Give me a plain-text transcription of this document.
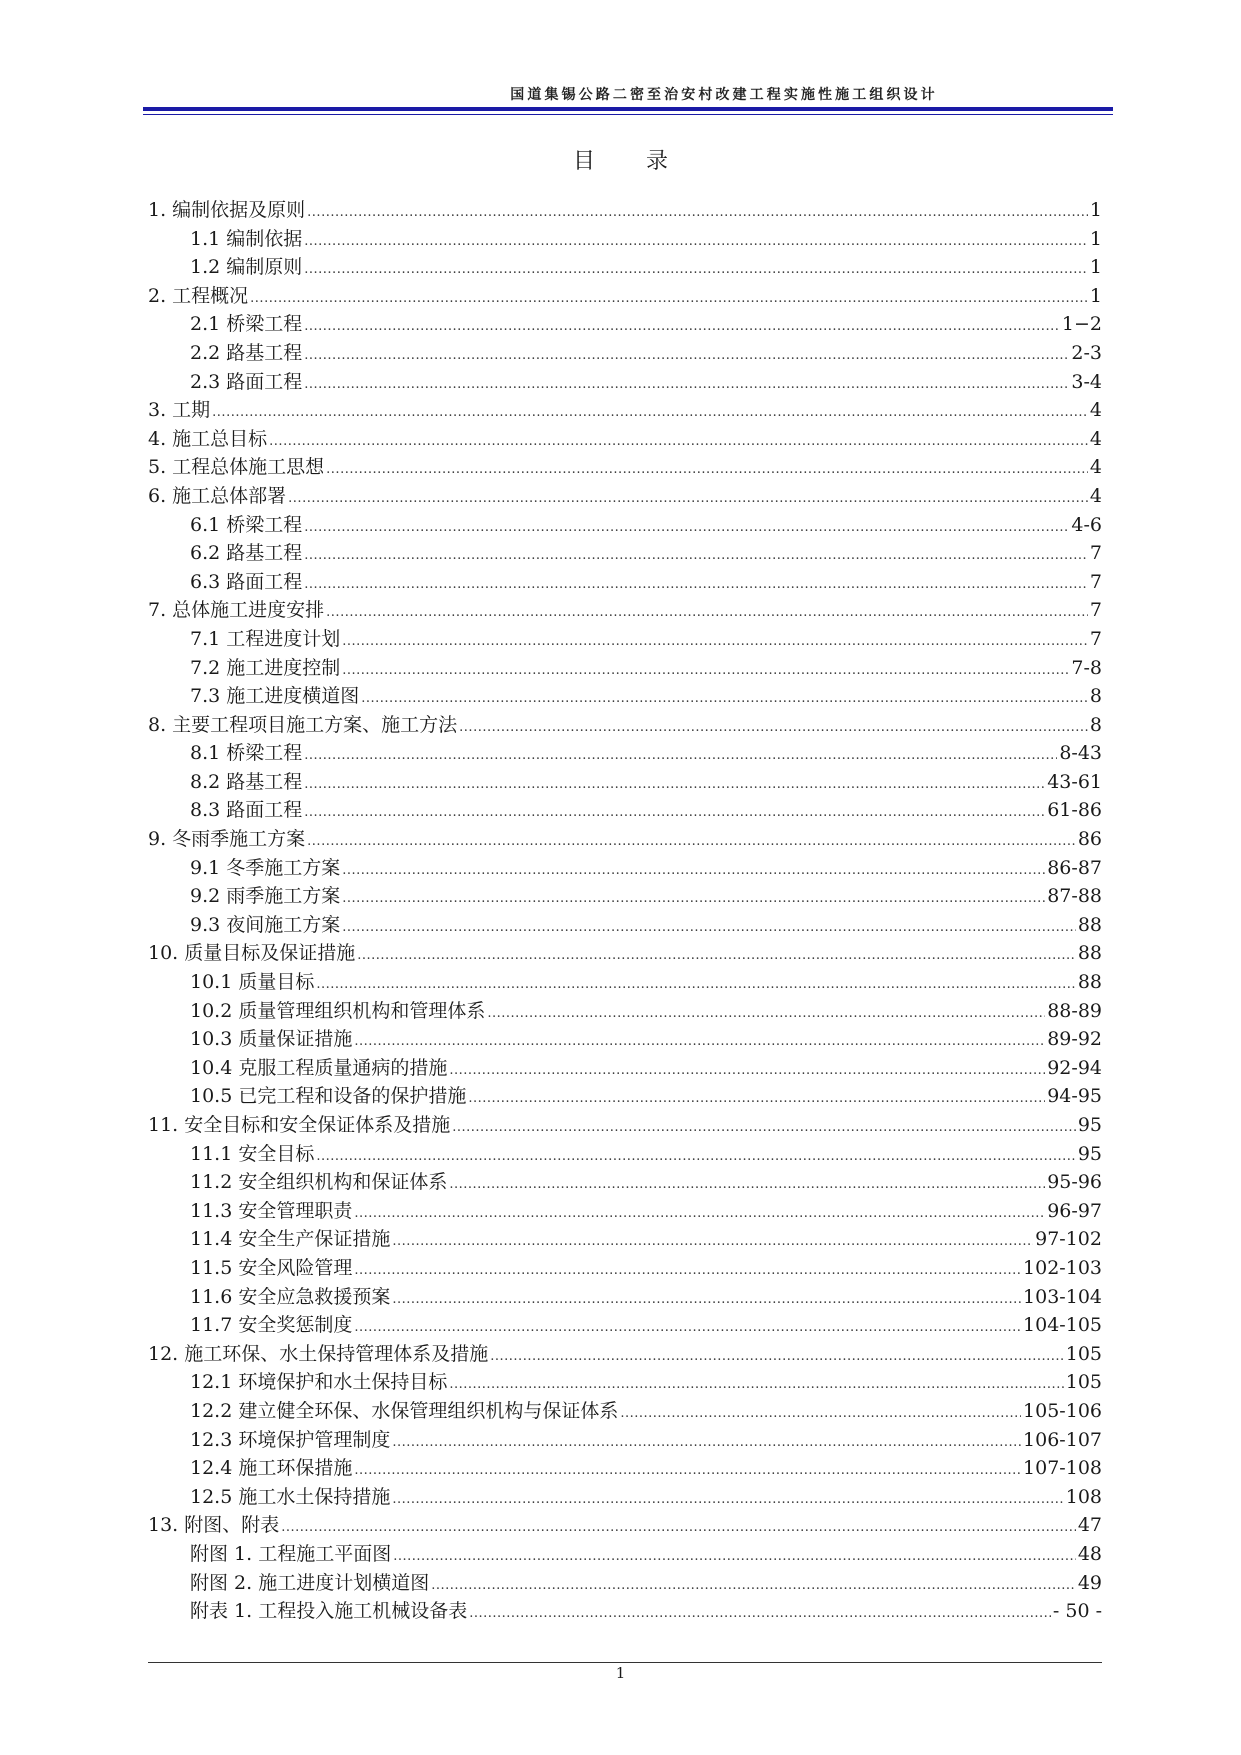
国道集锡公路二密至治安村改建工程实施性施工组织设计
目 录
1. 编制依据及原则 .....	1
1.1 编制依据 .....	1
1.2 编制原则 .....	1
2. 工程概况 .....	1
2.1 桥梁工程 .....	1−2
2.2 路基工程 .....	2-3
2.3 路面工程 .....	3-4
3. 工期 .....	4
4. 施工总目标 .....	4
5. 工程总体施工思想 .....	4
6. 施工总体部署 .....	4
6.1 桥梁工程 .....	4-6
6.2 路基工程 .....	7
6.3 路面工程 .....	7
7. 总体施工进度安排 .....	7
7.1 工程进度计划 .....	7
7.2 施工进度控制 .....	7-8
7.3 施工进度横道图 .....	8
8. 主要工程项目施工方案、施工方法 .....	8
8.1 桥梁工程 .....	8-43
8.2 路基工程 .....	43-61
8.3 路面工程 .....	61-86
9. 冬雨季施工方案 .....	86
9.1 冬季施工方案 .....	86-87
9.2 雨季施工方案 .....	87-88
9.3 夜间施工方案 .....	88
10. 质量目标及保证措施 .....	88
10.1 质量目标 .....	88
10.2 质量管理组织机构和管理体系 .....	88-89
10.3 质量保证措施 .....	89-92
10.4 克服工程质量通病的措施 .....	92-94
10.5 已完工程和设备的保护措施 .....	94-95
11. 安全目标和安全保证体系及措施 .....	95
11.1 安全目标 .....	95
11.2 安全组织机构和保证体系 .....	95-96
11.3 安全管理职责 .....	96-97
11.4 安全生产保证措施 .....	97-102
11.5 安全风险管理 .....	102-103
11.6 安全应急救援预案 .....	103-104
11.7 安全奖惩制度 .....	104-105
12. 施工环保、水土保持管理体系及措施 .....	105
12.1 环境保护和水土保持目标 .....	105
12.2 建立健全环保、水保管理组织机构与保证体系 .....	105-106
12.3 环境保护管理制度 .....	106-107
12.4 施工环保措施 .....	107-108
12.5 施工水土保持措施 .....	108
13. 附图、附表 .....	47
附图 1. 工程施工平面图 .....	48
附图 2. 施工进度计划横道图 .....	49
附表 1. 工程投入施工机械设备表 .....	- 50 -
1
